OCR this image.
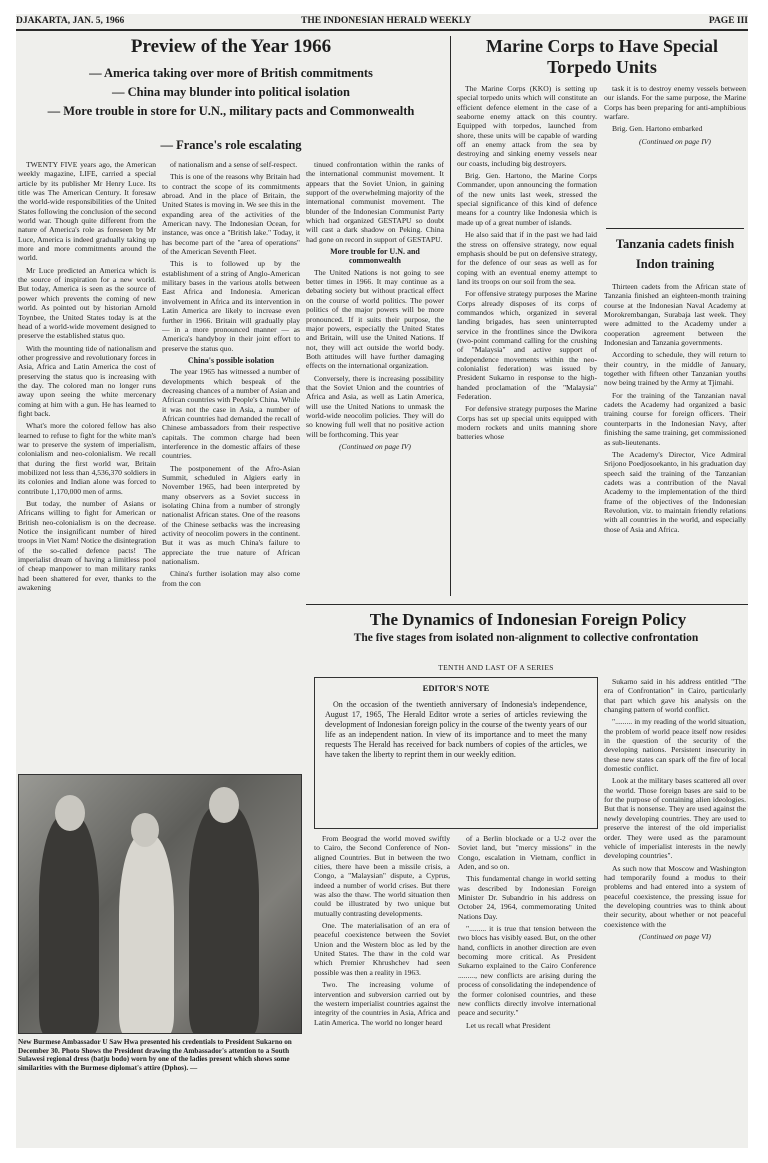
DJAKARTA, JAN. 5, 1966	THE INDONESIAN HERALD WEEKLY	PAGE III
Preview of the Year 1966
— America taking over more of British commitments
— China may blunder into political isolation
— More trouble in store for U.N., military pacts and Commonwealth
— France's role escalating

TWENTY FIVE years ago, the American weekly magazine, LIFE, carried a special article by its publisher Mr Henry Luce. Its title was The American Century. It foresaw the world-wide responsibilities of the United States following the conclusion of the second world war. Though quite different from the nature of America's role as foreseen by Mr Luce, America is indeed gradually taking up more and more commitments around the world.

Mr Luce predicted an America which is the source of inspiration for a new world. But today, America is seen as the source of power which prevents the coming of new world. As pointed out by historian Arnold Toynbee, the United States today is at the head of a world-wide movement designed to preserve the established status quo.

With the mounting tide of nationalism and other progressive and revolutionary forces in Asia, Africa and Latin America the cost of preserving the status quo is increasing with the day. The colored man no longer runs away upon seeing the white mercenary coming at him with a gun. He has learned to fight back.

What's more the colored fellow has also learned to refuse to fight for the white man's war to preserve the system of imperialism, colonialism and neo-colonialism. We recall that during the first world war, Britain mobilized not less than 4,536,370 soldiers in its colonies and Indian alone was forced to contribute 1,170,000 men of arms.

But today, the number of Asians or Africans willing to fight for American or British neo-colonialism is on the decrease. Notice the insignificant number of hired troops in Viet Nam! Notice the disintegration of the so-called defence pacts! The imperialist dream of having a limitless pool of cheap manpower to man military ranks had been shattered for ever, thanks to the awakening

of nationalism and a sense of self-respect.

This is one of the reasons why Britain had to contract the scope of its commitments abroad. And in the place of Britain, the United States is moving in. We see this in the expanding area of the activities of the American navy. The Indonesian Ocean, for instance, was once a "British lake." Today, it has become part of the "area of operations" of the American Seventh Fleet.

This is to followed up by the establishment of a string of Anglo-American military bases in the various atolls between East Africa and Indonesia. American involvement in Africa and its intervention in Latin America are likely to increase even further in 1966. Britain will gradually play — in a more pronounced manner — as America's handyboy in their joint effort to preserve the status quo.

China's possible isolation

The year 1965 has witnessed a number of developments which bespeak of the decreasing chances of a number of Asian and African countries with People's China. While it was not the case in Asia, a number of African countries had demanded the recall of Chinese ambassadors from their respective capitals. The common charge had been interference in the domestic affairs of these countries.

The postponement of the Afro-Asian Summit, scheduled in Algiers early in November 1965, had been interpreted by many observers as a Soviet success in isolating China from a number of strongly nationalist African states. One of the reasons of the Chinese setbacks was the increasing activity of neocolim powers in the continent. But it was as much China's failure to appreciate the true nature of African nationalism.

China's further isolation may also come from the con

tinued confrontation within the ranks of the international communist movement. It appears that the Soviet Union, in gaining support of the overwhelming majority of the international communist movement. The blunder of the Indonesian Communist Party which had organized GESTAPU so doubt will cast a dark shadow on Peking. China had gone on record in support of GESTAPU.

More trouble for U.N. and commonwealth

The United Nations is not going to see better times in 1966. It may continue as a debating society but without practical effect on the course of world politics. The power politics of the major powers will be more pronounced. If it suits their purpose, the major powers, especially the United States and Britain, will use the United Nations. If not, they will act outside the world body. Both attitudes will have further damaging effects on the international organization.

Conversely, there is increasing possibility that the Soviet Union and the countries of Africa and Asia, as well as Latin America, will use the United Nations to unmask the world-wide neocolim policies. They will do so knowing full well that no positive action will be forthcoming. This year

(Continued on page IV)
Marine Corps to Have Special Torpedo Units

The Marine Corps (KKO) is setting up special torpedo units which will constitute an efficient defence element in the case of a seaborne enemy attack on this country. Equipped with torpedos, launched from shore, these units will be capable of warding off an enemy attack from the sea by destroying and sinking enemy vessels near our coasts, including big destroyers.

Brig. Gen. Hartono, the Marine Corps Commander, upon announcing the formation of the new units last week, stressed the special significance of this kind of defence means for a country like Indonesia which is made up of a great number of islands.

He also said that if in the past we had laid the stress on offensive strategy, now equal emphasis should be put on defensive strategy, for the defence of our seas as well as for coping with an eventual enemy attempt to land its troops on our soil from the sea.

For offensive strategy purposes the Marine Corps already disposes of its corps of commandos which, organized in several landing brigades, has seen uninterrupted service in the frontlines since the Dwikora (two-point command calling for the crushing of "Malaysia" and active support of independence movements within the neo-colonialist federation) was issued by President Sukarno in response to the high-handed proclamation of the "Malaysia" Federation.

For defensive strategy purposes the Marine Corps has set up special units equipped with modern rockets and units manning shore batteries whose

task it is to destroy enemy vessels between our islands. For the same purpose, the Marine Corps has been preparing for anti-amphibious warfare.

Brig. Gen. Hartono embarked

(Continued on page IV)
Tanzania cadets finish Indon training

Thirteen cadets from the African state of Tanzania finished an eighteen-month training course at the Indonesian Naval Academy at Morokrembangan, Surabaja last week. They were admitted to the Academy under a cooperation agreement between the Indonesian and Tanzania governments.

According to schedule, they will return to their country, in the middle of January, together with fifteen other Tanzanian youths now being trained by the Army at Tjimahi.

For the training of the Tanzanian naval cadets the Academy had organized a basic training course for foreign officers. Their counterparts in the Indonesian Navy, after finishing the same training, get commissioned as sub-lieutenants.

The Academy's Director, Vice Admiral Srijono Poedjosoekanto, in his graduation day speech said the training of the Tanzanian cadets was a contribution of the Naval Academy to the implementation of the third frame of the objectives of the Indonesian Revolution, viz. to maintain friendly relations with all countries in the world, and especially those of Asia and Africa.

New Burmese Ambassador U Saw Hwa presented his credentials to President Sukarno on December 30. Photo Shows the President drawing the Ambassador's attention to a South Sulawesi regional dress (batju bodo) worn by one of the ladies present which shows some similarities with the Burmese diplomat's attire (Dphos). —
The Dynamics of Indonesian Foreign Policy
The five stages from isolated non-alignment to collective confrontation
TENTH AND LAST OF A SERIES
EDITOR'S NOTE

On the occasion of the twentieth anniversary of Indonesia's independence, August 17, 1965, The Herald Editor wrote a series of articles reviewing the development of Indonesian foreign policy in the course of the twenty years of our life as an independent nation. In view of its importance and to meet the many requests The Herald has received for back numbers of copies of the articles, we have taken the liberty to reprint them in our weekly edition.

From Beograd the world moved swiftly to Cairo, the Second Conference of Non-aligned Countries. But in between the two cities, there have been a missile crisis, a Congo, a "Malaysian" dispute, a Cyprus, indeed a number of world crises. But there was also the thaw. The world situation then could be illustrated by two unique but mutually contrasting developments.

One. The materialisation of an era of peaceful coexistence between the Soviet Union and the Western bloc as led by the United States. The thaw in the cold war which Premier Khrushchev had seen possible was then a reality in 1963.

Two. The increasing volume of intervention and subversion carried out by the western imperialist countries against the integrity of the countries in Asia, Africa and Latin America. The world no longer heard

of a Berlin blockade or a U-2 over the Soviet land, but "mercy missions" in the Congo, escalation in Vietnam, conflict in Aden, and so on.

This fundamental change in world setting was described by Indonesian Foreign Minister Dr. Subandrio in his address on October 24, 1964, commemorating United Nations Day.

"......... it is true that tension between the two blocs has visibly eased. But, on the other hand, conflicts in another direction are even becoming more critical. As President Sukarno explained to the Cairo Conference ........., new conflicts are arising during the process of consolidating the independence of the former colonised countries, and these new conflicts directly involve international peace and security."

Let us recall what President

Sukarno said in his address entitled "The era of Confrontation" in Cairo, particularly that part which gave his analysis on the changing pattern of world conflict.

"......... in my reading of the world situation, the problem of world peace itself now resides in the question of the security of the developing nations. Persistent insecurity in these new states can spark off the fire of local domestic conflict.

Look at the military bases scattered all over the world. Those foreign bases are said to be for the purpose of containing alien ideologies. But that is nonsense. They are used against the newly developing countries. They are used to preserve the interest of the old imperialist order. They were used as the paramount vehicle of imperialist interests in the newly developing countries".

As such now that Moscow and Washington had temporarily found a modus to their problems and had entered into a system of peaceful coexistence, the pressing issue for the developing countries was to think about their security, about whether or not peaceful coexistence with the

(Continued on page VI)
